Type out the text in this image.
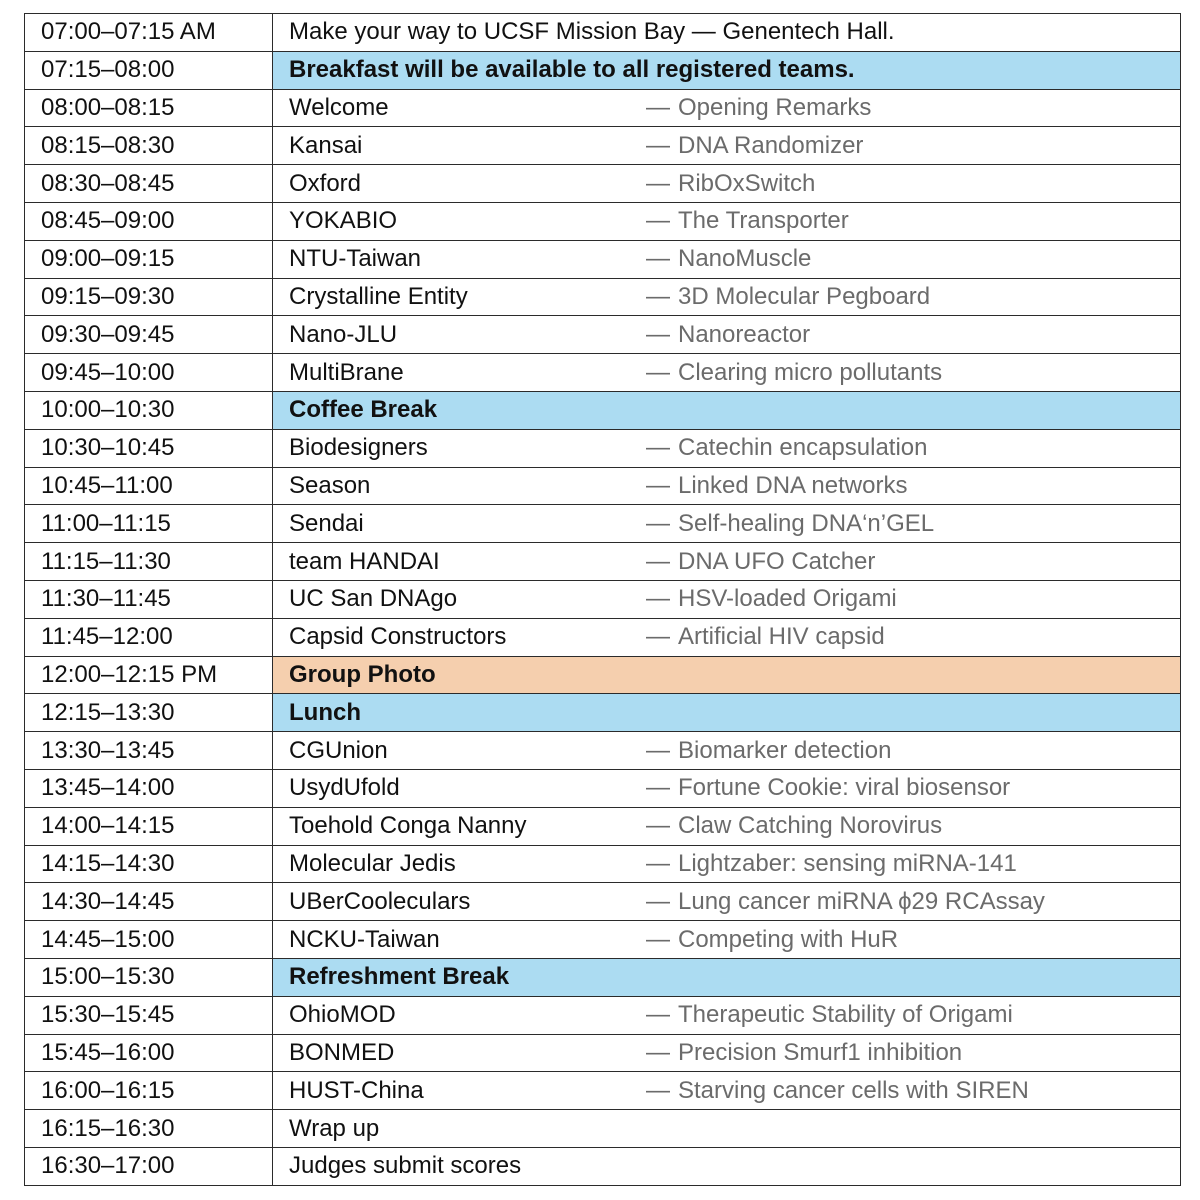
07:00–07:15 AM	Make your way to UCSF Mission Bay — Genentech Hall.
07:15–08:00	Breakfast will be available to all registered teams.
08:00–08:15	Welcome — Opening Remarks

08:15–08:30	Kansai — DNA Randomizer

08:30–08:45	Oxford — RibOxSwitch

08:45–09:00	YOKABIO — The Transporter

09:00–09:15	NTU-Taiwan — NanoMuscle

09:15–09:30	Crystalline Entity — 3D Molecular Pegboard

09:30–09:45	Nano-JLU — Nanoreactor

09:45–10:00	MultiBrane — Clearing micro pollutants

10:00–10:30	Coffee Break
10:30–10:45	Biodesigners — Catechin encapsulation

10:45–11:00	Season — Linked DNA networks

11:00–11:15	Sendai — Self-healing DNA‘n’GEL

11:15–11:30	team HANDAI — DNA UFO Catcher

11:30–11:45	UC San DNAgo — HSV-loaded Origami

11:45–12:00	Capsid Constructors — Artificial HIV capsid

12:00–12:15 PM	Group Photo
12:15–13:30	Lunch
13:30–13:45	CGUnion — Biomarker detection

13:45–14:00	UsydUfold — Fortune Cookie: viral biosensor

14:00–14:15	Toehold Conga Nanny — Claw Catching Norovirus

14:15–14:30	Molecular Jedis — Lightzaber: sensing miRNA-141

14:30–14:45	UBerCooleculars — Lung cancer miRNA ϕ29 RCAssay

14:45–15:00	NCKU-Taiwan — Competing with HuR

15:00–15:30	Refreshment Break
15:30–15:45	OhioMOD — Therapeutic Stability of Origami

15:45–16:00	BONMED — Precision Smurf1 inhibition

16:00–16:15	HUST-China — Starving cancer cells with SIREN

16:15–16:30	Wrap up
16:30–17:00	Judges submit scores
